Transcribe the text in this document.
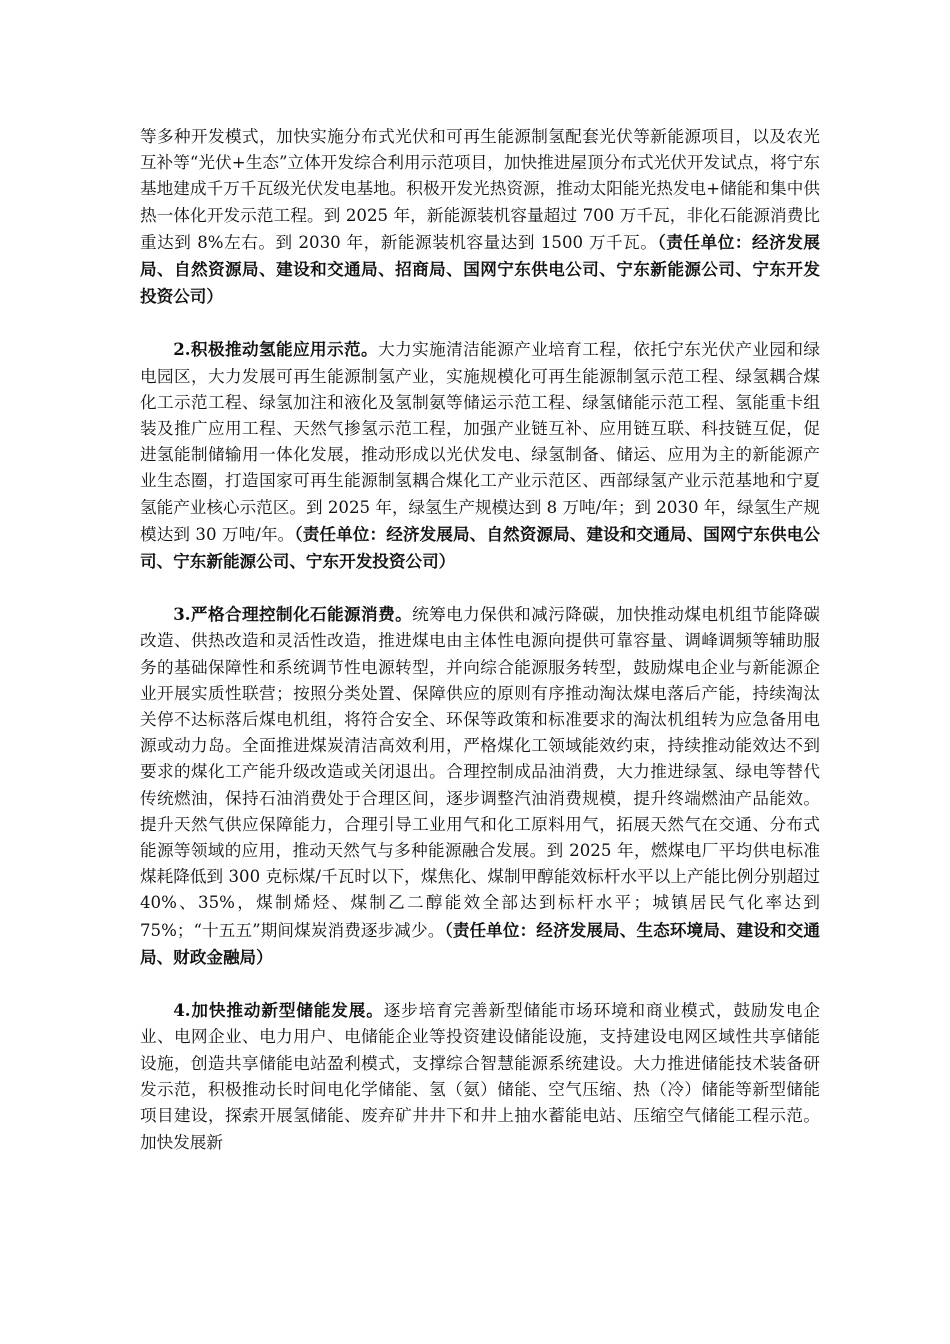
等多种开发模式，加快实施分布式光伏和可再生能源制氢配套光伏等新能源项目，以及农光互补等“光伏+生态”立体开发综合利用示范项目，加快推进屋顶分布式光伏开发试点，将宁东基地建成千万千瓦级光伏发电基地。积极开发光热资源，推动太阳能光热发电+储能和集中供热一体化开发示范工程。到 2025 年，新能源装机容量超过 700 万千瓦，非化石能源消费比重达到 8%左右。到 2030 年，新能源装机容量达到 1500 万千瓦。（责任单位：经济发展局、自然资源局、建设和交通局、招商局、国网宁东供电公司、宁东新能源公司、宁东开发投资公司）

2.积极推动氢能应用示范。大力实施清洁能源产业培育工程，依托宁东光伏产业园和绿电园区，大力发展可再生能源制氢产业，实施规模化可再生能源制氢示范工程、绿氢耦合煤化工示范工程、绿氢加注和液化及氢制氨等储运示范工程、绿氢储能示范工程、氢能重卡组装及推广应用工程、天然气掺氢示范工程，加强产业链互补、应用链互联、科技链互促，促进氢能制储输用一体化发展，推动形成以光伏发电、绿氢制备、储运、应用为主的新能源产业生态圈，打造国家可再生能源制氢耦合煤化工产业示范区、西部绿氢产业示范基地和宁夏氢能产业核心示范区。到 2025 年，绿氢生产规模达到 8 万吨/年；到 2030 年，绿氢生产规模达到 30 万吨/年。（责任单位：经济发展局、自然资源局、建设和交通局、国网宁东供电公司、宁东新能源公司、宁东开发投资公司）

3.严格合理控制化石能源消费。统筹电力保供和减污降碳，加快推动煤电机组节能降碳改造、供热改造和灵活性改造，推进煤电由主体性电源向提供可靠容量、调峰调频等辅助服务的基础保障性和系统调节性电源转型，并向综合能源服务转型，鼓励煤电企业与新能源企业开展实质性联营；按照分类处置、保障供应的原则有序推动淘汰煤电落后产能，持续淘汰关停不达标落后煤电机组，将符合安全、环保等政策和标准要求的淘汰机组转为应急备用电源或动力岛。全面推进煤炭清洁高效利用，严格煤化工领域能效约束，持续推动能效达不到要求的煤化工产能升级改造或关闭退出。合理控制成品油消费，大力推进绿氢、绿电等替代传统燃油，保持石油消费处于合理区间，逐步调整汽油消费规模，提升终端燃油产品能效。提升天然气供应保障能力，合理引导工业用气和化工原料用气，拓展天然气在交通、分布式能源等领域的应用，推动天然气与多种能源融合发展。到 2025 年，燃煤电厂平均供电标准煤耗降低到 300 克标煤/千瓦时以下，煤焦化、煤制甲醇能效标杆水平以上产能比例分别超过 40%、35%，煤制烯烃、煤制乙二醇能效全部达到标杆水平；城镇居民气化率达到 75%；“十五五”期间煤炭消费逐步减少。（责任单位：经济发展局、生态环境局、建设和交通局、财政金融局）

4.加快推动新型储能发展。逐步培育完善新型储能市场环境和商业模式，鼓励发电企业、电网企业、电力用户、电储能企业等投资建设储能设施，支持建设电网区域性共享储能设施，创造共享储能电站盈利模式，支撑综合智慧能源系统建设。大力推进储能技术装备研发示范，积极推动长时间电化学储能、氢（氨）储能、空气压缩、热（冷）储能等新型储能项目建设，探索开展氢储能、废弃矿井井下和井上抽水蓄能电站、压缩空气储能工程示范。加快发展新
